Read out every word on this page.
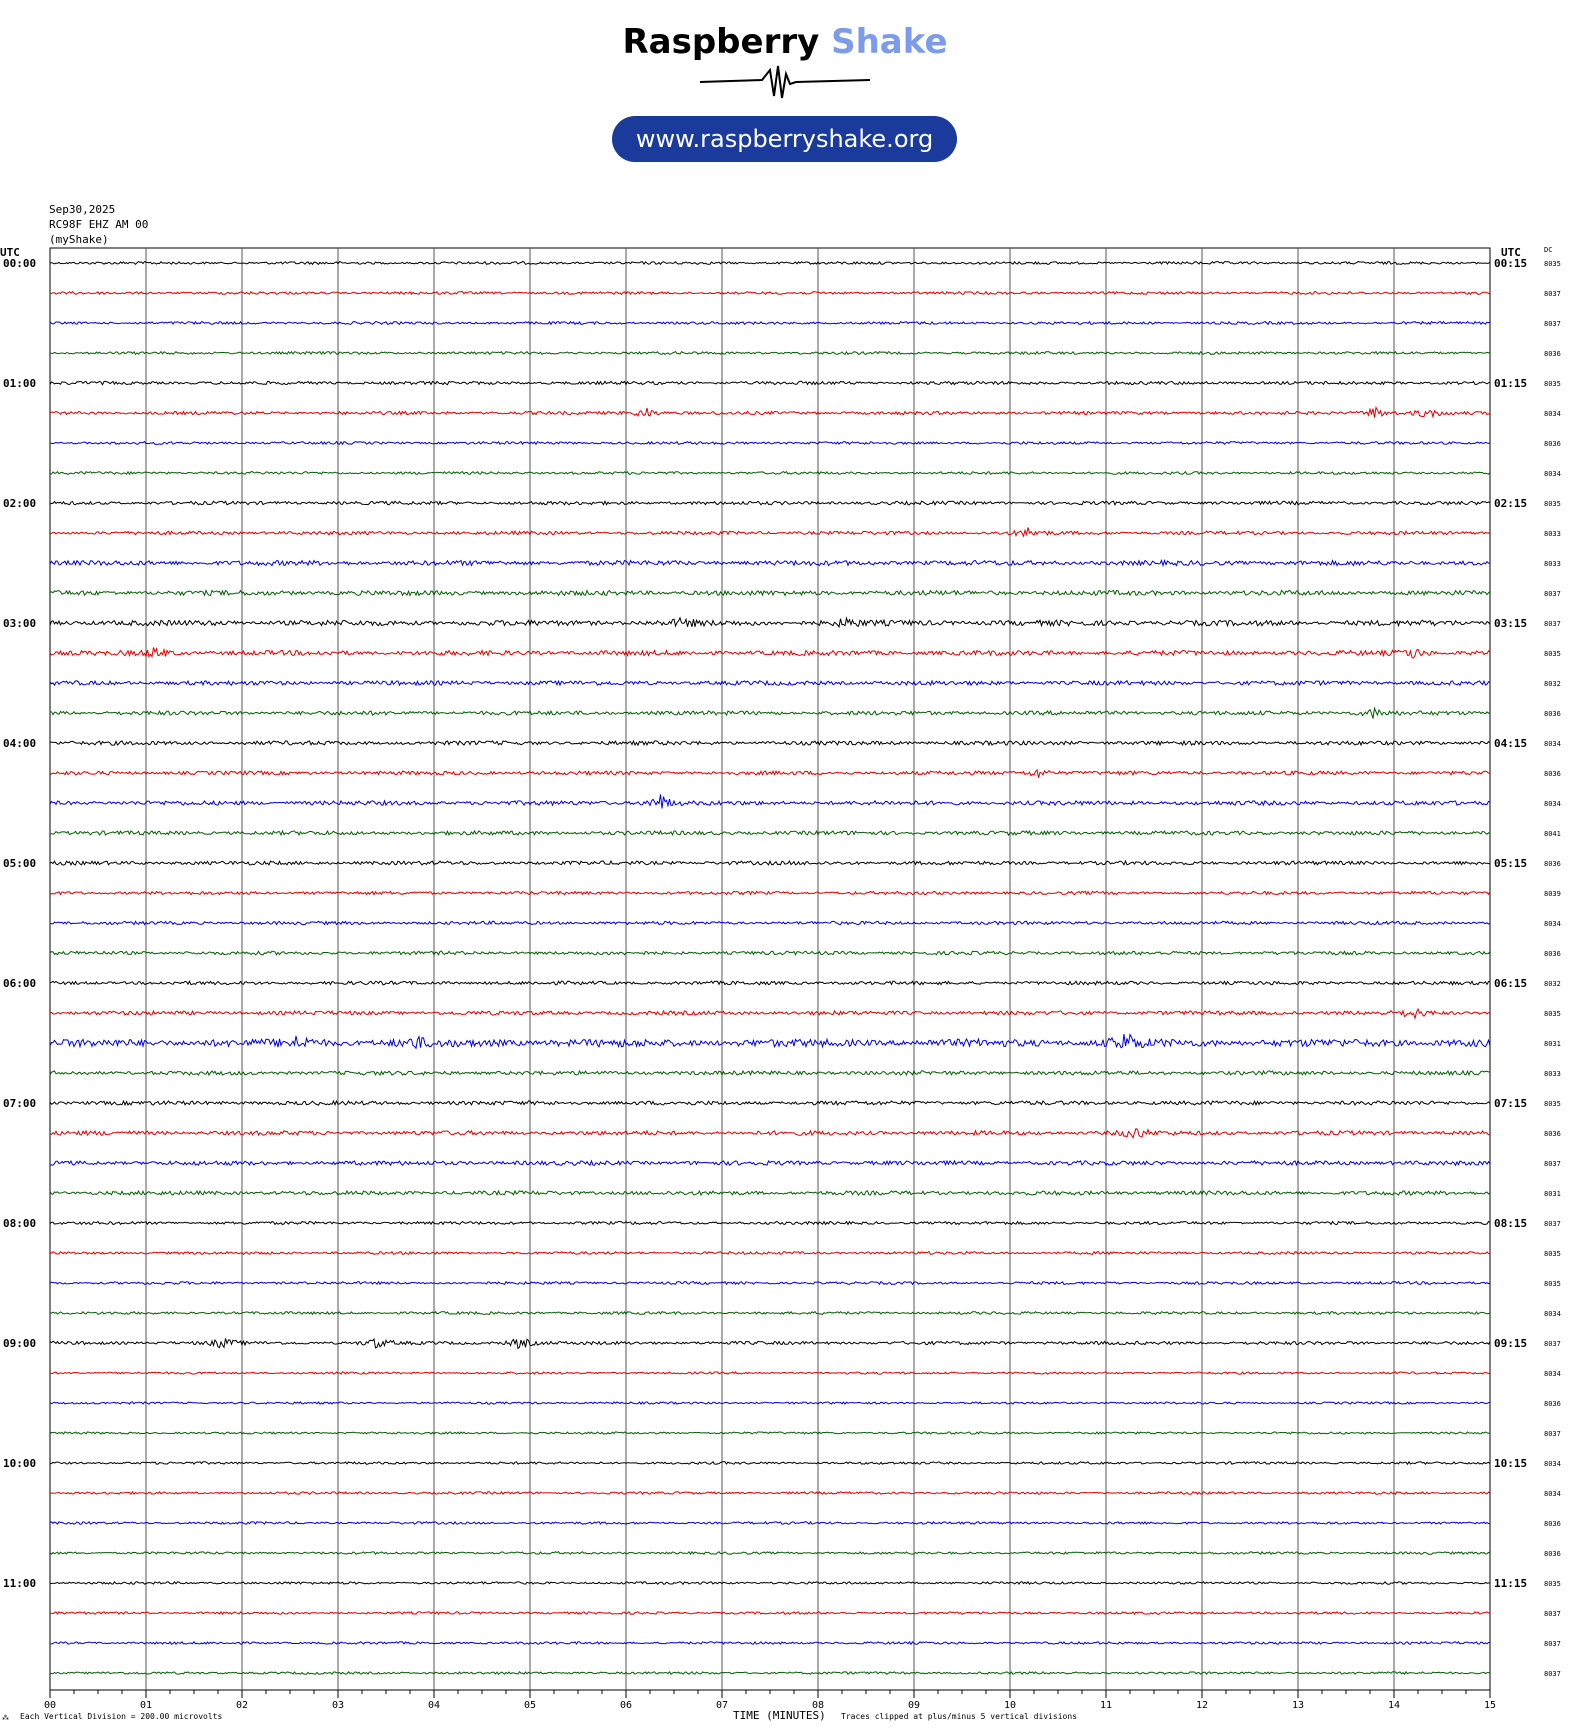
Raspberry Shake
www.raspberryshake.org
Sep30,2025
RC98F EHZ AM 00
(myShake)
00	01	02	03	04	05	06	07	08	09	10	11	12	13	14	15
8035
00:00	00:15
8037
8037
8036
8035
01:00	01:15
8034
8036
8034
8035
02:00	02:15
8033
8033
8037
8037
03:00	03:15
8035
8032
8036
8034
04:00	04:15
8036
8034
8041
8036
05:00	05:15
8039
8034
8036
8032
06:00	06:15
8035
8031
8033
8035
07:00	07:15
8036
8037
8031
8037
08:00	08:15
8035
8035
8034
8037
09:00	09:15
8034
8036
8037
8034
10:00	10:15
8034
8036
8036
8035
11:00	11:15
8037
8037
8037
UTC	UTC	DC
⁂ Each Vertical Division = 200.00 microvolts	TIME (MINUTES) Traces clipped at plus/minus 5 vertical divisions
